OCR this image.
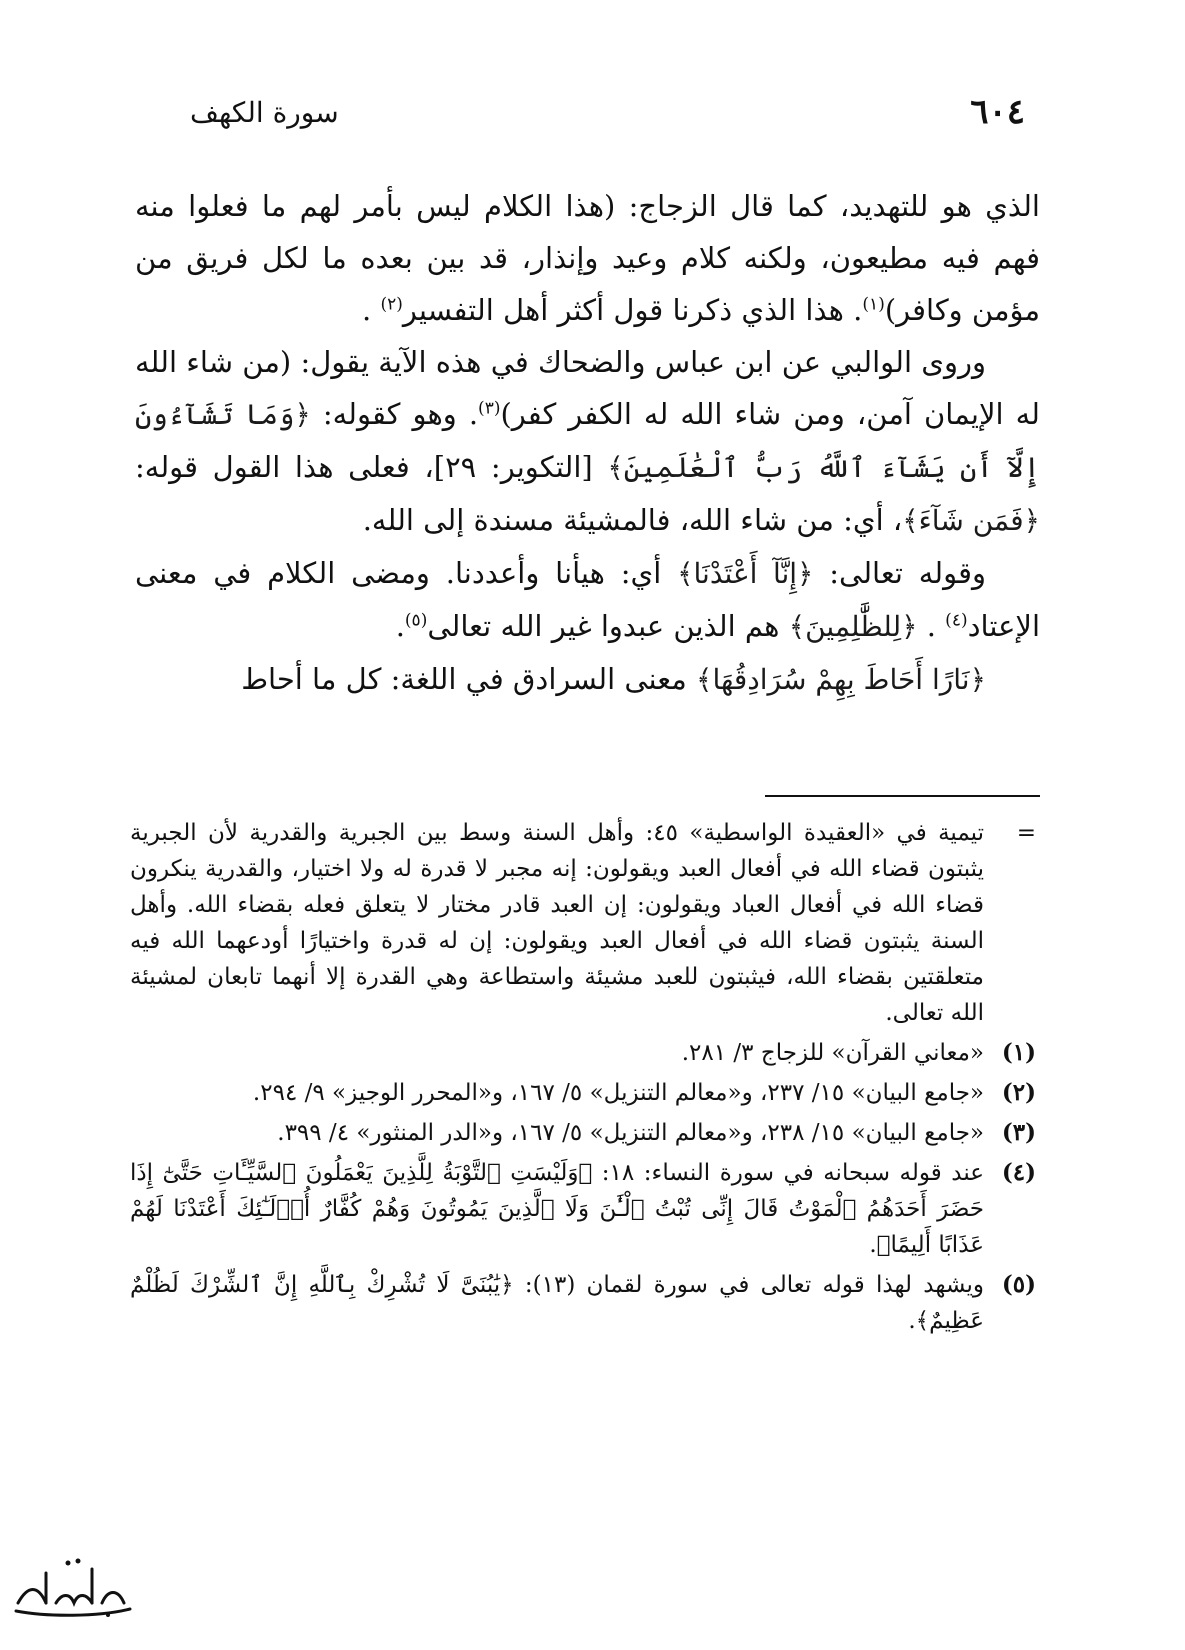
٦٠٤
سورة الكهف

الذي هو للتهديد، كما قال الزجاج: (هذا الكلام ليس بأمر لهم ما فعلوا منه فهم فيه مطيعون، ولكنه كلام وعيد وإنذار، قد بين بعده ما لكل فريق من مؤمن وكافر)$^{(١)}$. هذا الذي ذكرنا قول أكثر أهل التفسير$^{(٢)}$ .

وروى الوالبي عن ابن عباس والضحاك في هذه الآية يقول: (من شاء الله له الإيمان آمن، ومن شاء الله له الكفر كفر)$^{(٣)}$. وهو كقوله: ﴿وَمَا تَشَآءُونَ إِلَّآ أَن يَشَآءَ ٱللَّهُ رَبُّ ٱلْعَٰلَمِينَ﴾ [التكوير: ٢٩]، فعلى هذا القول قوله: ﴿فَمَن شَآءَ﴾، أي: من شاء الله، فالمشيئة مسندة إلى الله.

وقوله تعالى: ﴿إِنَّآ أَعْتَدْنَا﴾ أي: هيأنا وأعددنا. ومضى الكلام في معنى الإعتاد$^{(٤)}$ . ﴿لِلظَّٰلِمِينَ﴾ هم الذين عبدوا غير الله تعالى$^{(٥)}$.

﴿نَارًا أَحَاطَ بِهِمْ سُرَادِقُهَا﴾ معنى السرادق في اللغة: كل ما أحاط

=
تيمية في «العقيدة الواسطية» ٤٥: وأهل السنة وسط بين الجبرية والقدرية لأن الجبرية يثبتون قضاء الله في أفعال العبد ويقولون: إنه مجبر لا قدرة له ولا اختيار، والقدرية ينكرون قضاء الله في أفعال العباد ويقولون: إن العبد قادر مختار لا يتعلق فعله بقضاء الله. وأهل السنة يثبتون قضاء الله في أفعال العبد ويقولون: إن له قدرة واختيارًا أودعهما الله فيه متعلقتين بقضاء الله، فيثبتون للعبد مشيئة واستطاعة وهي القدرة إلا أنهما تابعان لمشيئة الله تعالى.
(١)
«معاني القرآن» للزجاج ٣/ ٢٨١.
(٢)
«جامع البيان» ١٥/ ٢٣٧، و«معالم التنزيل» ٥/ ١٦٧، و«المحرر الوجيز» ٩/ ٢٩٤.
(٣)
«جامع البيان» ١٥/ ٢٣٨، و«معالم التنزيل» ٥/ ١٦٧، و«الدر المنثور» ٤/ ٣٩٩.
(٤)
عند قوله سبحانه في سورة النساء: ١٨: ﴿وَلَيْسَتِ ٱلتَّوْبَةُ لِلَّذِينَ يَعْمَلُونَ ٱلسَّيِّـَٔاتِ حَتَّىٰٓ إِذَا حَضَرَ أَحَدَهُمُ ٱلْمَوْتُ قَالَ إِنِّى تُبْتُ ٱلْـَٰٔنَ وَلَا ٱلَّذِينَ يَمُوتُونَ وَهُمْ كُفَّارٌ أُو۟لَـٰٓئِكَ أَعْتَدْنَا لَهُمْ عَذَابًا أَلِيمًا﴾.
(٥)
ويشهد لهذا قوله تعالى في سورة لقمان (١٣): ﴿يَٰبُنَىَّ لَا تُشْرِكْ بِٱللَّهِ إِنَّ ٱلشِّرْكَ لَظُلْمٌ عَظِيمٌ﴾.
